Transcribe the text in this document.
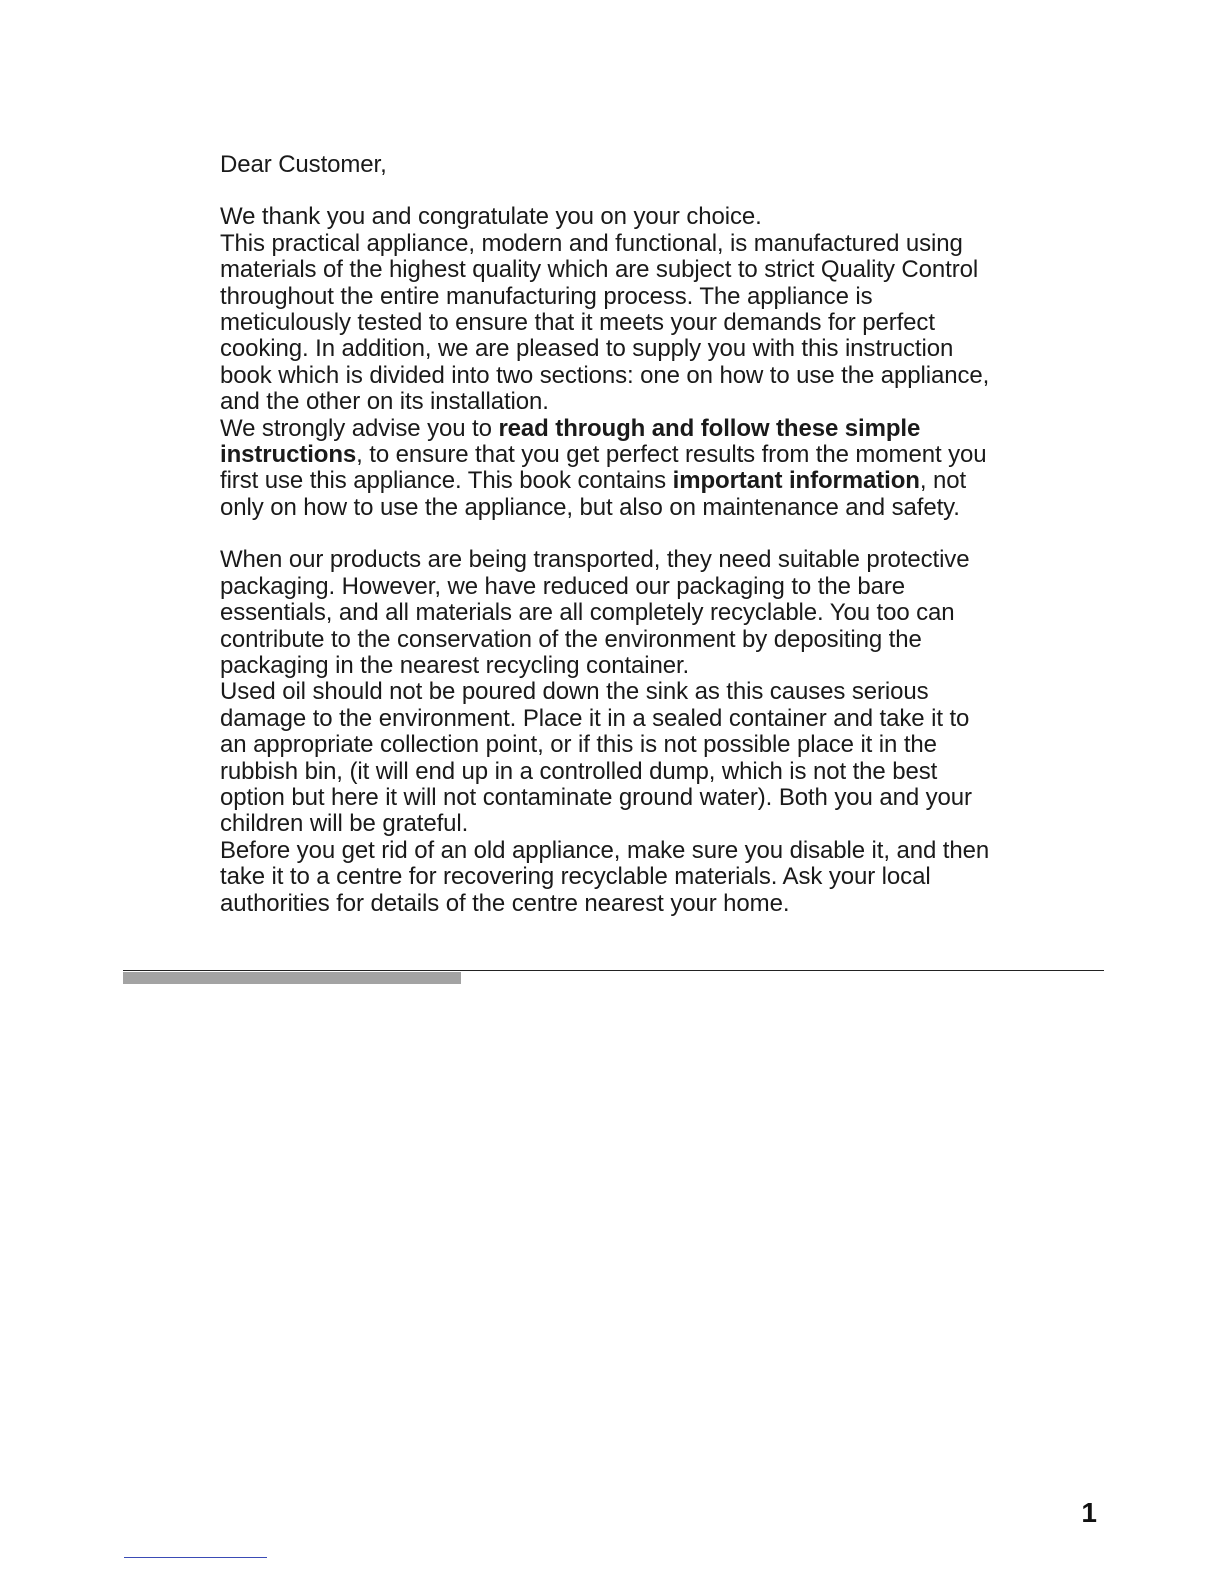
Dear Customer,

We thank you and congratulate you on your choice.

This practical appliance, modern and functional, is manufactured using materials of the highest quality which are subject to strict Quality Control throughout the entire manufacturing process. The appliance is meticulously tested to ensure that it meets your demands for perfect cooking. In addition, we are pleased to supply you with this instruction book which is divided into two sections: one on how to use the appliance, and the other on its installation.

We strongly advise you to read through and follow these simple instructions, to ensure that you get perfect results from the moment you first use this appliance. This book contains important information, not only on how to use the appliance, but also on maintenance and safety.

When our products are being transported, they need suitable protective packaging. However, we have reduced our packaging to the bare essentials, and all materials are all completely recyclable. You too can contribute to the conservation of the environment by depositing the packaging in the nearest recycling container.

Used oil should not be poured down the sink as this causes serious damage to the environment. Place it in a sealed container and take it to an appropriate collection point, or if this is not possible place it in the rubbish bin, (it will end up in a controlled dump, which is not the best option but here it will not contaminate ground water). Both you and your children will be grateful.

Before you get rid of an old appliance, make sure you disable it, and then take it to a centre for recovering recyclable materials. Ask your local authorities for details of the centre nearest your home.

1
